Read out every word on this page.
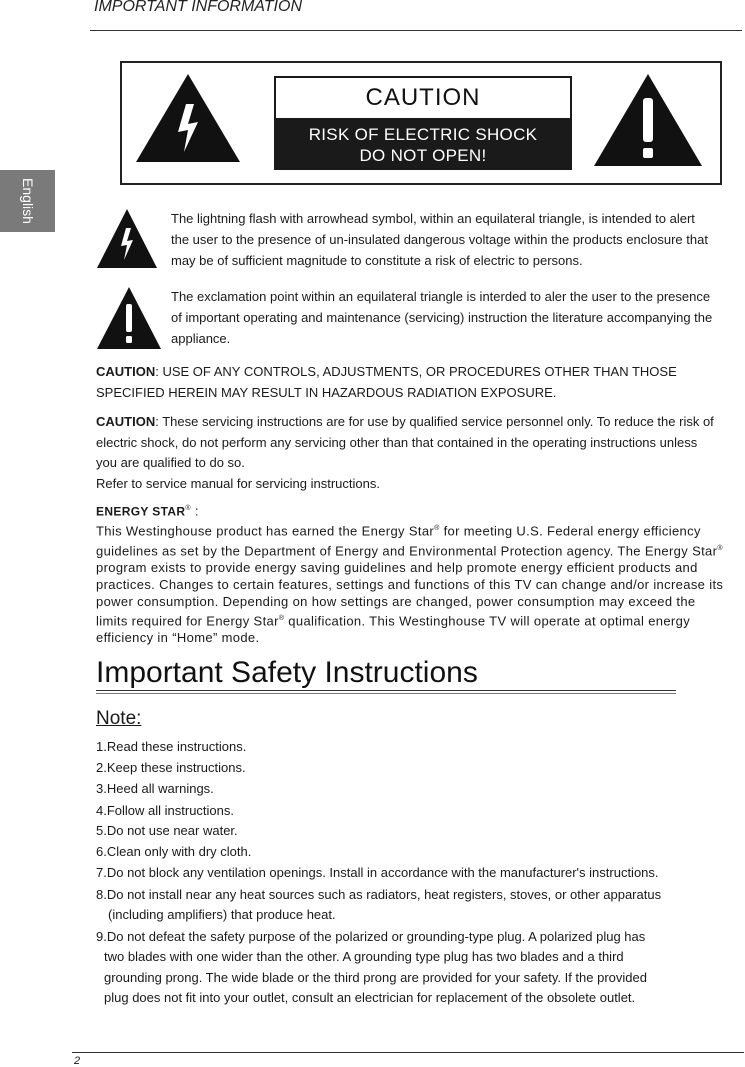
IMPORTANT INFORMATION
English
CAUTION
RISK OF ELECTRIC SHOCK
DO NOT OPEN!
The lightning flash with arrowhead symbol, within an equilateral triangle, is intended to alert the user to the presence of un-insulated dangerous voltage within the products enclosure that may be of sufficient magnitude to constitute a risk of electric to persons.
The exclamation point within an equilateral triangle is interded to aler the user to the presence of important operating and maintenance (servicing) instruction the literature accompanying the appliance.
CAUTION: USE OF ANY CONTROLS, ADJUSTMENTS, OR PROCEDURES OTHER THAN THOSE SPECIFIED HEREIN MAY RESULT IN HAZARDOUS RADIATION EXPOSURE.
CAUTION: These servicing instructions are for use by qualified service personnel only. To reduce the risk of electric shock, do not perform any servicing other than that contained in the operating instructions unless you are qualified to do so.
Refer to service manual for servicing instructions.
ENERGY STAR® :
This Westinghouse product has earned the Energy Star® for meeting U.S. Federal energy efficiency guidelines as set by the Department of Energy and Environmental Protection agency. The Energy Star® program exists to provide energy saving guidelines and help promote energy efficient products and practices. Changes to certain features, settings and functions of this TV can change and/or increase its power consumption. Depending on how settings are changed, power consumption may exceed the limits required for Energy Star® qualification. This Westinghouse TV will operate at optimal energy efficiency in “Home” mode.
Important Safety Instructions
Note:
1.Read these instructions.
2.Keep these instructions.
3.Heed all warnings.
4.Follow all instructions.
5.Do not use near water.
6.Clean only with dry cloth.
7.Do not block any ventilation openings. Install in accordance with the manufacturer's instructions.
8.Do not install near any heat sources such as radiators, heat registers, stoves, or other apparatus
(including amplifiers) that produce heat.
9.Do not defeat the safety purpose of the polarized or grounding-type plug. A polarized plug has
two blades with one wider than the other. A grounding type plug has two blades and a third
grounding prong. The wide blade or the third prong are provided for your safety. If the provided
plug does not fit into your outlet, consult an electrician for replacement of the obsolete outlet.
2
